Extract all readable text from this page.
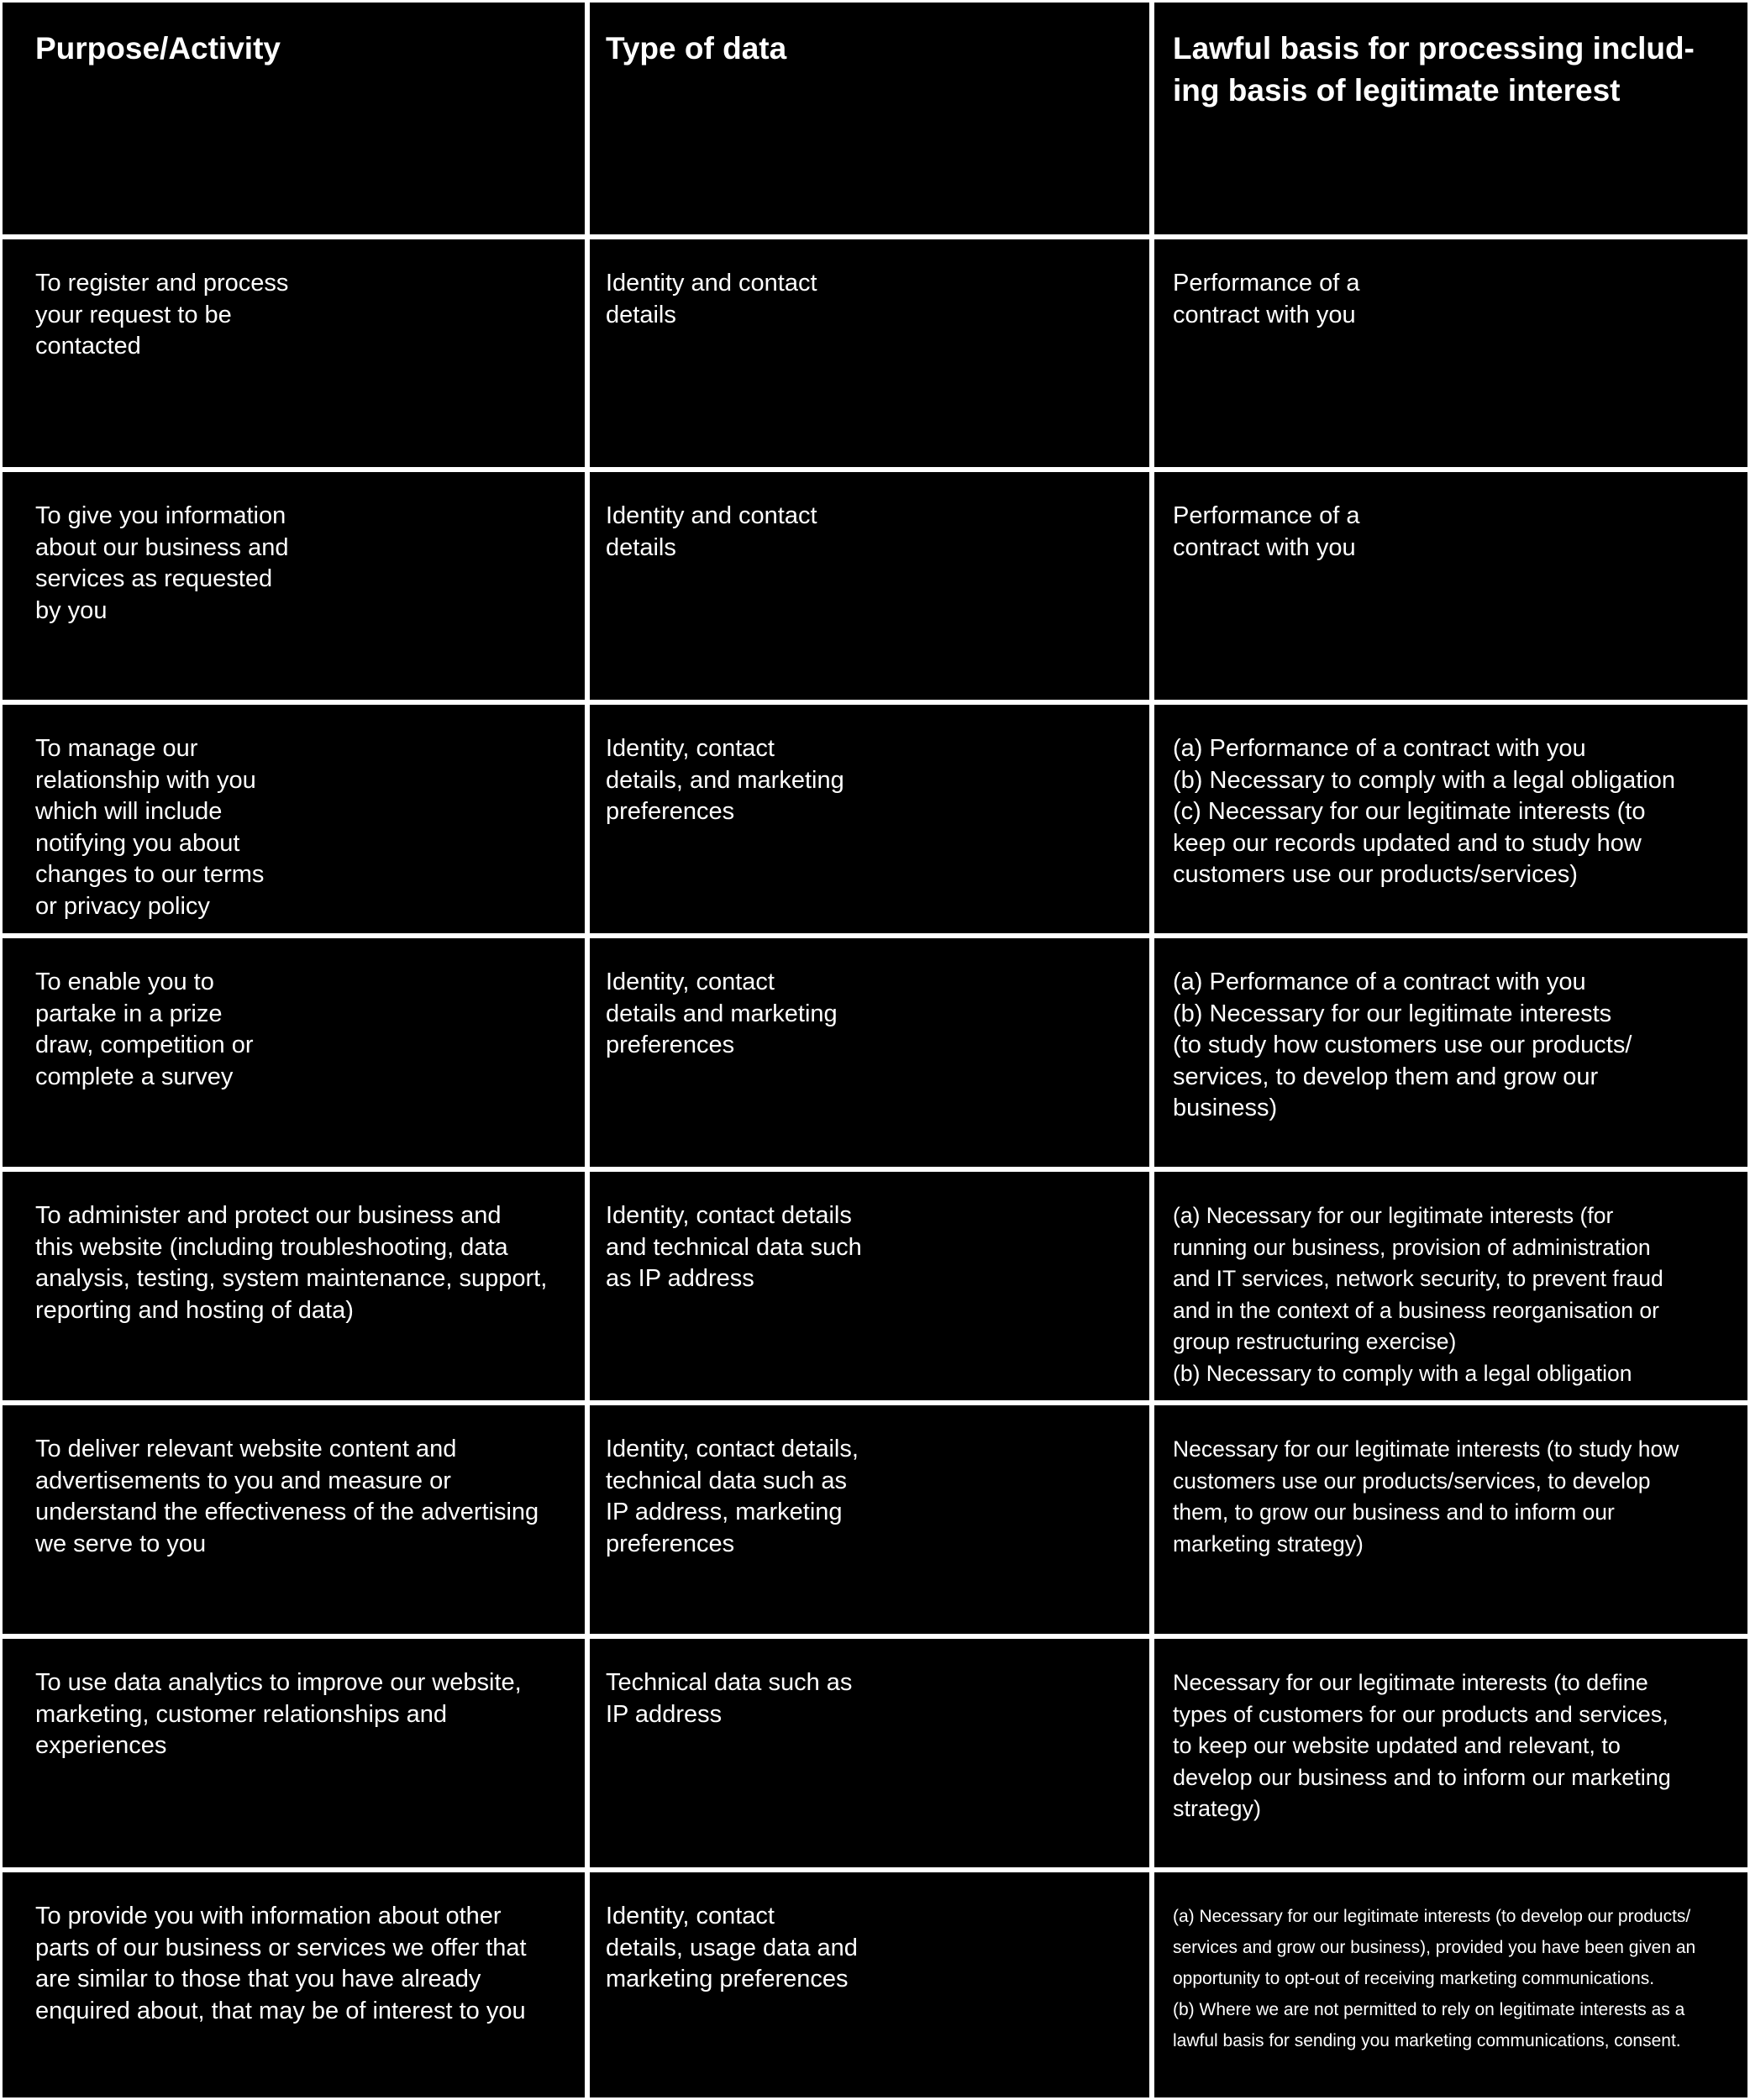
Purpose/Activity	Type of data	Lawful basis for processing includ-
ing basis of legitimate interest
To register and process
your request to be
contacted
Identity and contact
details
Performance of a
contract with you
To give you information
about our business and
services as requested
by you
Identity and contact
details
Performance of a
contract with you
To manage our
relationship with you
which will include
notifying you about
changes to our terms
or privacy policy
Identity, contact
details, and marketing
preferences
(a) Performance of a contract with you
(b) Necessary to comply with a legal obligation
(c) Necessary for our legitimate interests (to
keep our records updated and to study how
customers use our products/services)
To enable you to
partake in a prize
draw, competition or
complete a survey
Identity, contact
details and marketing
preferences
(a) Performance of a contract with you
(b) Necessary for our legitimate interests
(to study how customers use our products/
services, to develop them and grow our
business)
To administer and protect our business and
this website (including troubleshooting, data
analysis, testing, system maintenance, support,
reporting and hosting of data)
Identity, contact details
and technical data such
as IP address
(a) Necessary for our legitimate interests (for
running our business, provision of administration
and IT services, network security, to prevent fraud
and in the context of a business reorganisation or
group restructuring exercise)
(b) Necessary to comply with a legal obligation
To deliver relevant website content and
advertisements to you and measure or
understand the effectiveness of the advertising
we serve to you
Identity, contact details,
technical data such as
IP address, marketing
preferences
Necessary for our legitimate interests (to study how
customers use our products/services, to develop
them, to grow our business and to inform our
marketing strategy)
To use data analytics to improve our website,
marketing, customer relationships and
experiences
Technical data such as
IP address
Necessary for our legitimate interests (to define
types of customers for our products and services,
to keep our website updated and relevant, to
develop our business and to inform our marketing
strategy)
To provide you with information about other
parts of our business or services we offer that
are similar to those that you have already
enquired about, that may be of interest to you
Identity, contact
details, usage data and
marketing preferences
(a) Necessary for our legitimate interests (to develop our products/
services and grow our business), provided you have been given an
opportunity to opt-out of receiving marketing communications.
(b) Where we are not permitted to rely on legitimate interests as a
lawful basis for sending you marketing communications, consent.
